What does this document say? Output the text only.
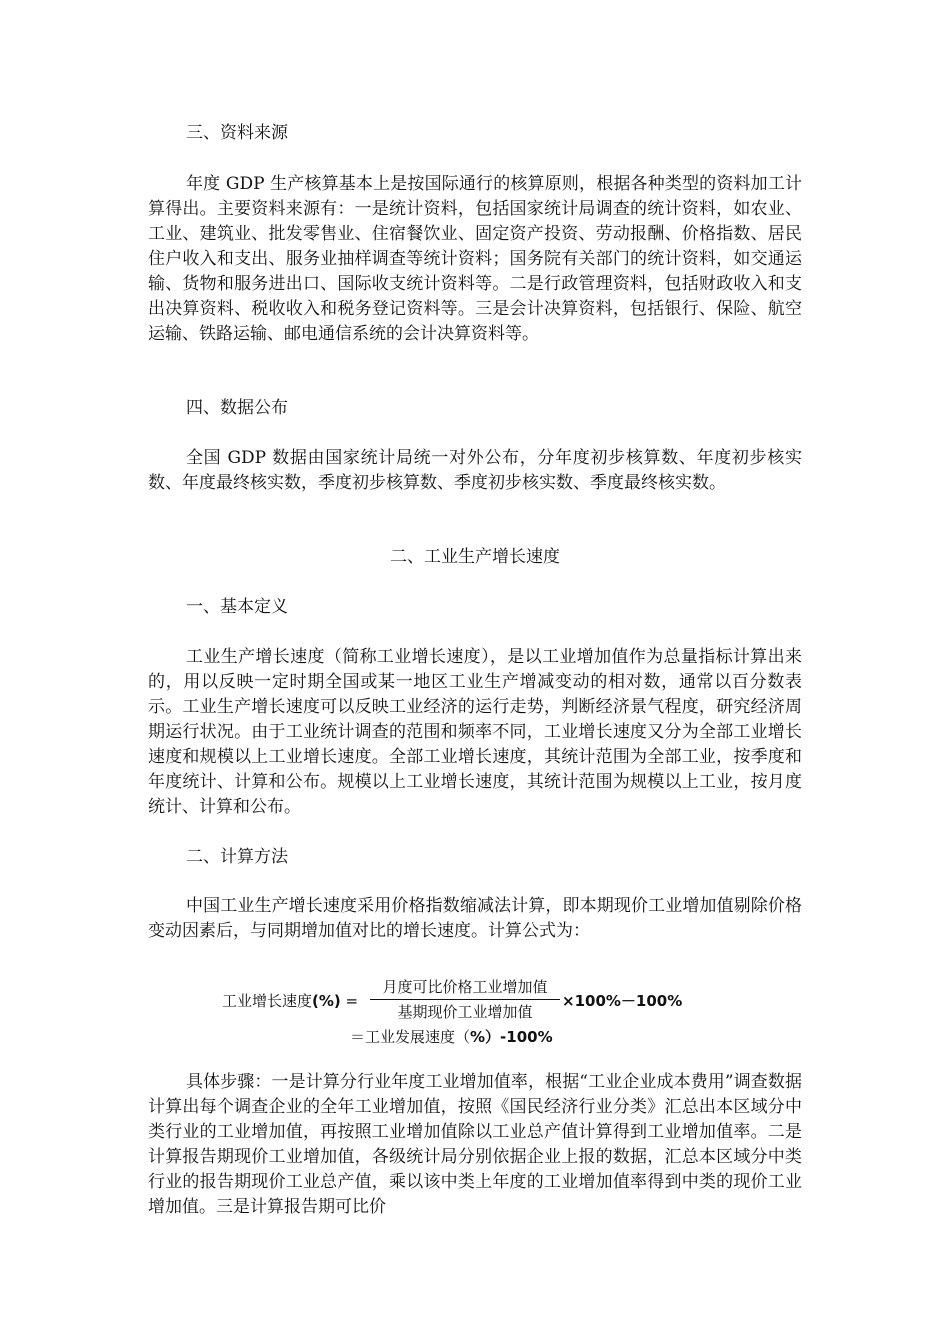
三、资料来源

年度 GDP 生产核算基本上是按国际通行的核算原则，根据各种类型的资料加工计算得出。主要资料来源有：一是统计资料，包括国家统计局调查的统计资料，如农业、工业、建筑业、批发零售业、住宿餐饮业、固定资产投资、劳动报酬、价格指数、居民住户收入和支出、服务业抽样调查等统计资料；国务院有关部门的统计资料，如交通运输、货物和服务进出口、国际收支统计资料等。二是行政管理资料，包括财政收入和支出决算资料、税收收入和税务登记资料等。三是会计决算资料，包括银行、保险、航空运输、铁路运输、邮电通信系统的会计决算资料等。

四、数据公布

全国 GDP 数据由国家统计局统一对外公布，分年度初步核算数、年度初步核实数、年度最终核实数，季度初步核算数、季度初步核实数、季度最终核实数。

二、工业生产增长速度

一、基本定义

工业生产增长速度（简称工业增长速度），是以工业增加值作为总量指标计算出来的，用以反映一定时期全国或某一地区工业生产增减变动的相对数，通常以百分数表示。工业生产增长速度可以反映工业经济的运行走势，判断经济景气程度，研究经济周期运行状况。由于工业统计调查的范围和频率不同，工业增长速度又分为全部工业增长速度和规模以上工业增长速度。全部工业增长速度，其统计范围为全部工业，按季度和年度统计、计算和公布。规模以上工业增长速度，其统计范围为规模以上工业，按月度统计、计算和公布。

二、计算方法

中国工业生产增长速度采用价格指数缩减法计算，即本期现价工业增加值剔除价格变动因素后，与同期增加值对比的增长速度。计算公式为：

工业增长速度(%) =
月度可比价格工业增加值
基期现价工业增加值
×100%－100%
＝工业发展速度（%）-100%

具体步骤：一是计算分行业年度工业增加值率，根据“工业企业成本费用”调查数据计算出每个调查企业的全年工业增加值，按照《国民经济行业分类》汇总出本区域分中类行业的工业增加值，再按照工业增加值除以工业总产值计算得到工业增加值率。二是计算报告期现价工业增加值，各级统计局分别依据企业上报的数据，汇总本区域分中类行业的报告期现价工业总产值，乘以该中类上年度的工业增加值率得到中类的现价工业增加值。三是计算报告期可比价
